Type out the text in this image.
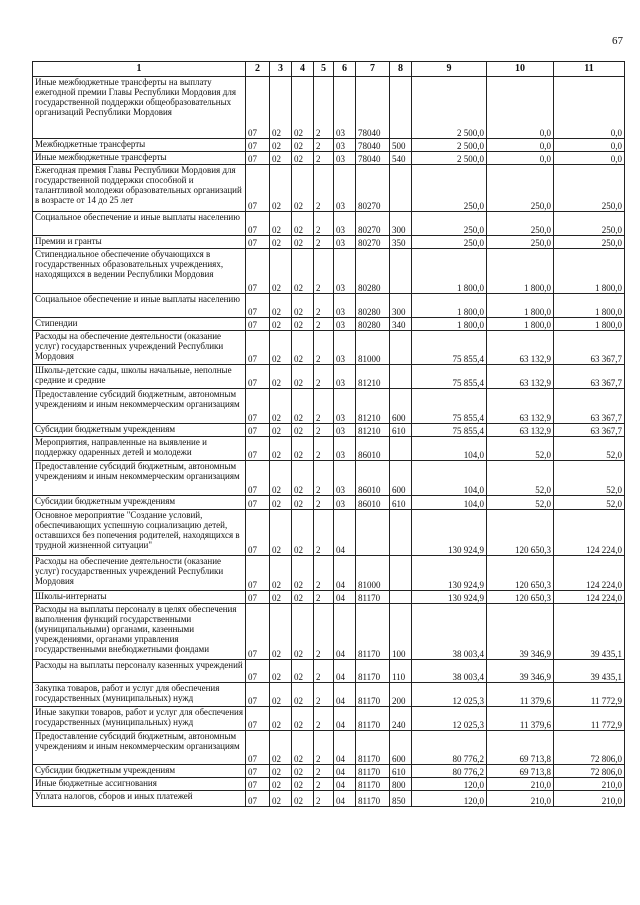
67
1	2	3	4	5	6	7	8	9	10	11
Иные межбюджетные трансферты на выплату ежегодной премии Главы Республики Мордовия для государственной поддержки общеобразовательных организаций Республики Мордовия	07	02	02	2	03	78040		2 500,0	0,0	0,0
Межбюджетные трансферты	07	02	02	2	03	78040	500	2 500,0	0,0	0,0
Иные межбюджетные трансферты	07	02	02	2	03	78040	540	2 500,0	0,0	0,0
Ежегодная премия Главы Республики Мордовия для государственной поддержки способной и талантливой молодежи образовательных организаций в возрасте от 14 до 25 лет	07	02	02	2	03	80270		250,0	250,0	250,0
Социальное обеспечение и иные выплаты населению	07	02	02	2	03	80270	300	250,0	250,0	250,0
Премии и гранты	07	02	02	2	03	80270	350	250,0	250,0	250,0
Стипендиальное обеспечение обучающихся в государственных образовательных учреждениях, находящихся в ведении Республики Мордовия	07	02	02	2	03	80280		1 800,0	1 800,0	1 800,0
Социальное обеспечение и иные выплаты населению	07	02	02	2	03	80280	300	1 800,0	1 800,0	1 800,0
Стипендии	07	02	02	2	03	80280	340	1 800,0	1 800,0	1 800,0
Расходы на обеспечение деятельности (оказание услуг) государственных учреждений Республики Мордовия	07	02	02	2	03	81000		75 855,4	63 132,9	63 367,7
Школы-детские сады, школы начальные, неполные средние и средние	07	02	02	2	03	81210		75 855,4	63 132,9	63 367,7
Предоставление субсидий бюджетным, автономным учреждениям и иным некоммерческим организациям	07	02	02	2	03	81210	600	75 855,4	63 132,9	63 367,7
Субсидии бюджетным учреждениям	07	02	02	2	03	81210	610	75 855,4	63 132,9	63 367,7
Мероприятия, направленные на выявление и поддержку одаренных детей и молодежи	07	02	02	2	03	86010		104,0	52,0	52,0
Предоставление субсидий бюджетным, автономным учреждениям и иным некоммерческим организациям	07	02	02	2	03	86010	600	104,0	52,0	52,0
Субсидии бюджетным учреждениям	07	02	02	2	03	86010	610	104,0	52,0	52,0
Основное мероприятие "Создание условий, обеспечивающих успешную социализацию детей, оставшихся без попечения родителей, находящихся в трудной жизненной ситуации"	07	02	02	2	04			130 924,9	120 650,3	124 224,0
Расходы на обеспечение деятельности (оказание услуг) государственных учреждений Республики Мордовия	07	02	02	2	04	81000		130 924,9	120 650,3	124 224,0
Школы-интернаты	07	02	02	2	04	81170		130 924,9	120 650,3	124 224,0
Расходы на выплаты персоналу в целях обеспечения выполнения функций государственными (муниципальными) органами, казенными учреждениями, органами управления государственными внебюджетными фондами	07	02	02	2	04	81170	100	38 003,4	39 346,9	39 435,1
Расходы на выплаты персоналу казенных учреждений	07	02	02	2	04	81170	110	38 003,4	39 346,9	39 435,1
Закупка товаров, работ и услуг для обеспечения государственных (муниципальных) нужд	07	02	02	2	04	81170	200	12 025,3	11 379,6	11 772,9
Иные закупки товаров, работ и услуг для обеспечения государственных (муниципальных) нужд	07	02	02	2	04	81170	240	12 025,3	11 379,6	11 772,9
Предоставление субсидий бюджетным, автономным учреждениям и иным некоммерческим организациям	07	02	02	2	04	81170	600	80 776,2	69 713,8	72 806,0
Субсидии бюджетным учреждениям	07	02	02	2	04	81170	610	80 776,2	69 713,8	72 806,0
Иные бюджетные ассигнования	07	02	02	2	04	81170	800	120,0	210,0	210,0
Уплата налогов, сборов и иных платежей	07	02	02	2	04	81170	850	120,0	210,0	210,0
